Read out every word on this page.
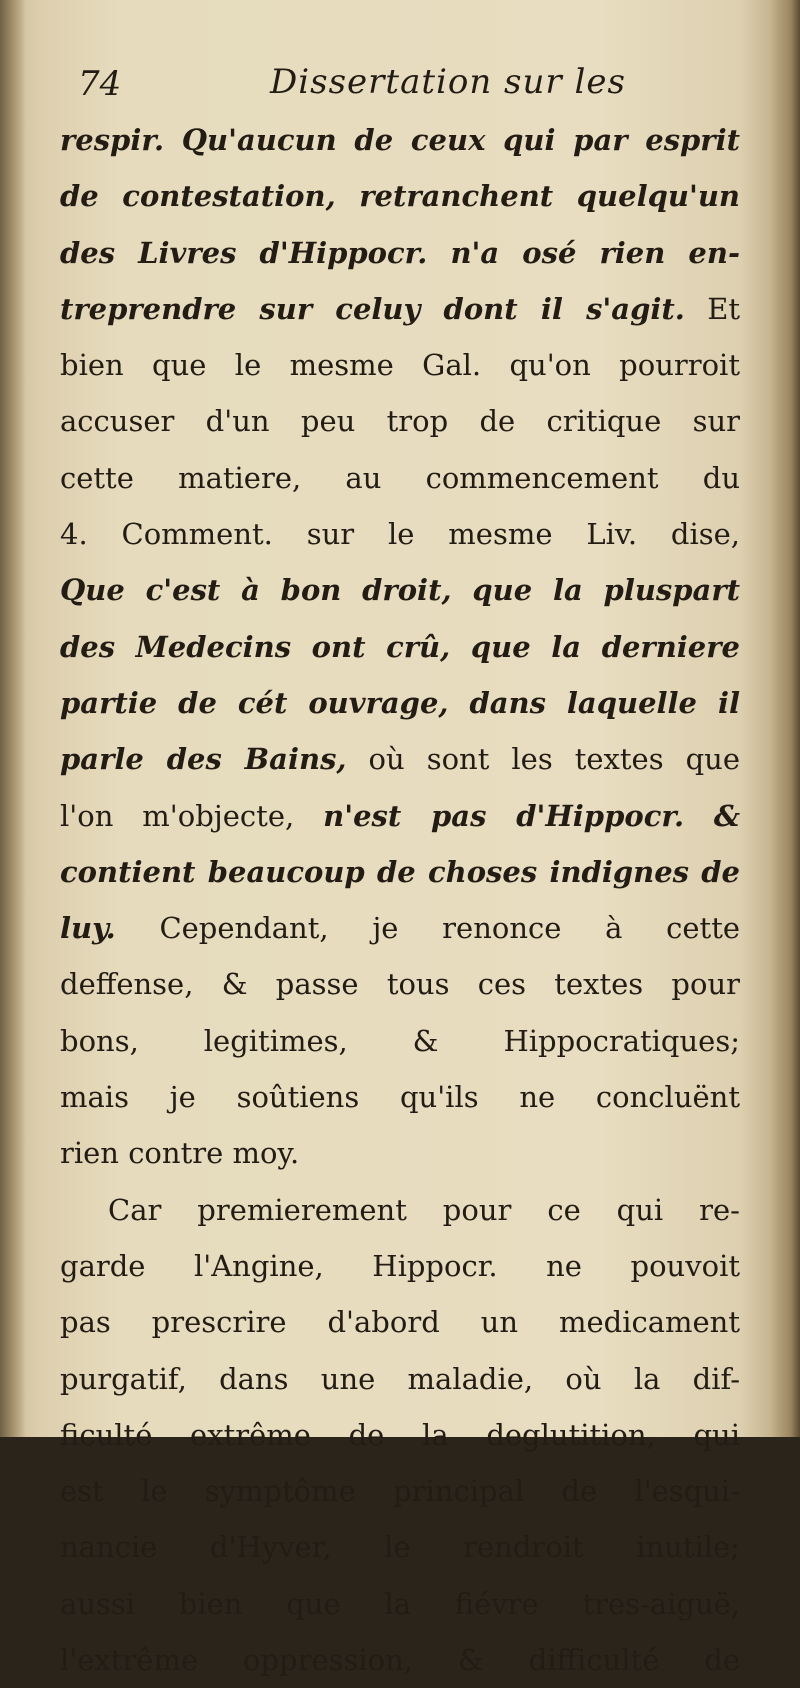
74	Dissertation sur les
respir. Qu'aucun de ceux qui par esprit
de contestation, retranchent quelqu'un
des Livres d'Hippocr. n'a osé rien en-
treprendre sur celuy dont il s'agit. Et
bien que le mesme Gal. qu'on pourroit
accuser d'un peu trop de critique sur
cette matiere, au commencement du
4. Comment. sur le mesme Liv. dise,
Que c'est à bon droit, que la pluspart
des Medecins ont crû, que la derniere
partie de cét ouvrage, dans laquelle il
parle des Bains, où sont les textes que
l'on m'objecte, n'est pas d'Hippocr. &
contient beaucoup de choses indignes de
luy. Cependant, je renonce à cette
deffense, & passe tous ces textes pour
bons, legitimes, & Hippocratiques;
mais je soûtiens qu'ils ne concluënt
rien contre moy.
Car premierement pour ce qui re-
garde l'Angine, Hippocr. ne pouvoit
pas prescrire d'abord un medicament
purgatif, dans une maladie, où la dif-
ficulté extrême de la deglutition, qui
est le symptôme principal de l'esqui-
nancie d'Hyver, le rendroit inutile;
aussi bien que la fiévre tres-aiguë,
l'extrême oppression, & difficulté de
